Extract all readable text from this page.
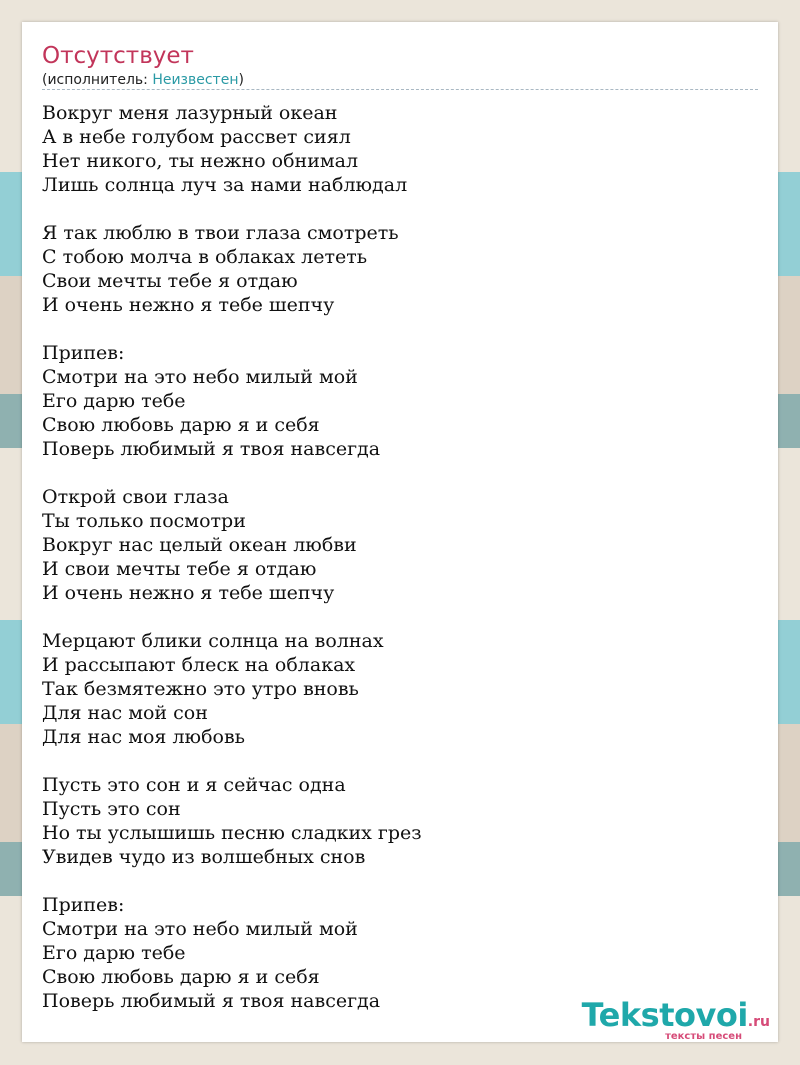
Отсутствует
(исполнитель: Неизвестен)
Вокруг меня лазурный океан
А в небе голубом рассвет сиял
Нет никого, ты нежно обнимал
Лишь солнца луч за нами наблюдал
Я так люблю в твои глаза смотреть
С тобою молча в облаках лететь
Свои мечты тебе я отдаю
И очень нежно я тебе шепчу
Припев:
Смотри на это небо милый мой
Его дарю тебе
Свою любовь дарю я и себя
Поверь любимый я твоя навсегда
Открой свои глаза
Ты только посмотри
Вокруг нас целый океан любви
И свои мечты тебе я отдаю
И очень нежно я тебе шепчу
Мерцают блики солнца на волнах
И рассыпают блеск на облаках
Так безмятежно это утро вновь
Для нас мой сон
Для нас моя любовь
Пусть это сон и я сейчас одна
Пусть это сон
Но ты услышишь песню сладких грез
Увидев чудо из волшебных снов
Припев:
Смотри на это небо милый мой
Его дарю тебе
Свою любовь дарю я и себя
Поверь любимый я твоя навсегда	Tekstovoi.ru
тексты песен
